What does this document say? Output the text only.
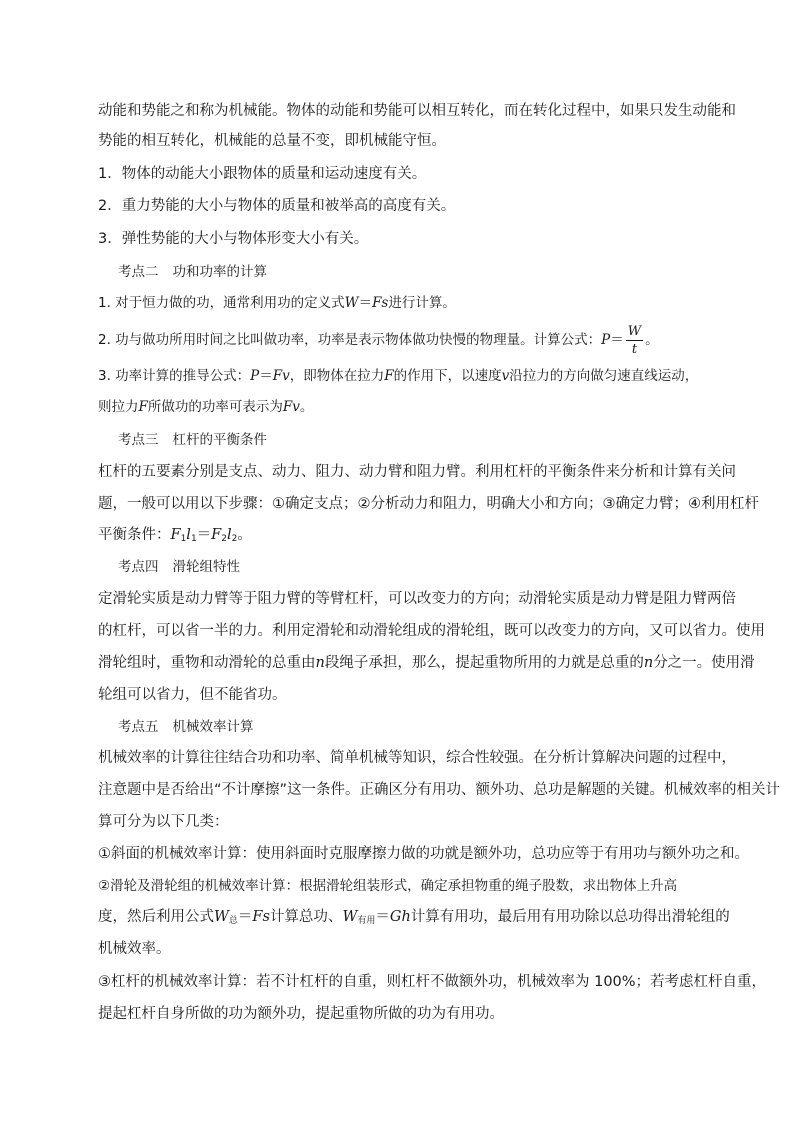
动能和势能之和称为机械能。物体的动能和势能可以相互转化，而在转化过程中，如果只发生动能和
势能的相互转化，机械能的总量不变，即机械能守恒。
1．物体的动能大小跟物体的质量和运动速度有关。
2．重力势能的大小与物体的质量和被举高的高度有关。
3．弹性势能的大小与物体形变大小有关。
考点二 功和功率的计算
1. 对于恒力做的功，通常利用功的定义式W＝Fs进行计算。
2. 功与做功所用时间之比叫做功率，功率是表示物体做功快慢的物理量。计算公式：$P= \frac{W}{t}$ 。
3. 功率计算的推导公式：P＝Fv，即物体在拉力F的作用下，以速度v沿拉力的方向做匀速直线运动，
则拉力F所做功的功率可表示为Fv。
考点三 杠杆的平衡条件
杠杆的五要素分别是支点、动力、阻力、动力臂和阻力臂。利用杠杆的平衡条件来分析和计算有关问
题，一般可以用以下步骤：①确定支点；②分析动力和阻力，明确大小和方向；③确定力臂；④利用杠杆
平衡条件：$F_1l_1=F_2l_2$。
考点四 滑轮组特性
定滑轮实质是动力臂等于阻力臂的等臂杠杆，可以改变力的方向；动滑轮实质是动力臂是阻力臂两倍
的杠杆，可以省一半的力。利用定滑轮和动滑轮组成的滑轮组，既可以改变力的方向，又可以省力。使用
滑轮组时，重物和动滑轮的总重由n段绳子承担，那么，提起重物所用的力就是总重的n分之一。使用滑
轮组可以省力，但不能省功。
考点五 机械效率计算
机械效率的计算往往结合功和功率、简单机械等知识，综合性较强。在分析计算解决问题的过程中，
注意题中是否给出“不计摩擦”这一条件。正确区分有用功、额外功、总功是解题的关键。机械效率的相关计
算可分为以下几类：
①斜面的机械效率计算：使用斜面时克服摩擦力做的功就是额外功，总功应等于有用功与额外功之和。
②滑轮及滑轮组的机械效率计算：根据滑轮组装形式，确定承担物重的绳子股数，求出物体上升高
度，然后利用公式$W_总=Fs$计算总功、$W_{有用}=Gh$计算有用功，最后用有用功除以总功得出滑轮组的
机械效率。
③杠杆的机械效率计算：若不计杠杆的自重，则杠杆不做额外功，机械效率为 100%；若考虑杠杆自重，
提起杠杆自身所做的功为额外功，提起重物所做的功为有用功。
